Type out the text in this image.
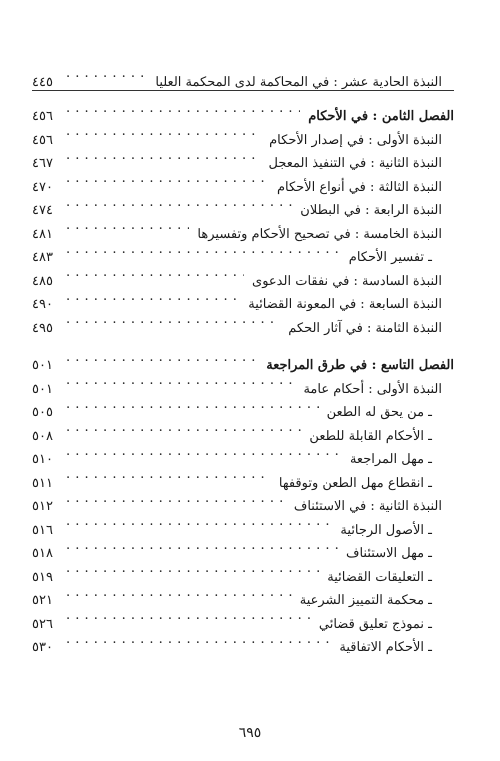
النبذة الحادية عشر : في المحاكمة لدى المحكمة العليا
. . .
٤٤٥
الفصل الثامن : في الأحكام
. . .
٤٥٦
النبذة الأولى : في إصدار الأحكام
. . .
٤٥٦
النبذة الثانية : في التنفيذ المعجل
. . .
٤٦٧
النبذة الثالثة : في أنواع الأحكام
. . .
٤٧٠
النبذة الرابعة : في البطلان
. . .
٤٧٤
النبذة الخامسة : في تصحيح الأحكام وتفسيرها
. . .
٤٨١
ـ تفسير الأحكام
. . .
٤٨٣
النبذة السادسة : في نفقات الدعوى
. . .
٤٨٥
النبذة السابعة : في المعونة القضائية
. . .
٤٩٠
النبذة الثامنة : في آثار الحكم
. . .
٤٩٥
الفصل التاسع : في طرق المراجعة
. . .
٥٠١
النبذة الأولى : أحكام عامة
. . .
٥٠١
ـ من يحق له الطعن
. . .
٥٠٥
ـ الأحكام القابلة للطعن
. . .
٥٠٨
ـ مهل المراجعة
. . .
٥١٠
ـ انقطاع مهل الطعن وتوقفها
. . .
٥١١
النبذة الثانية : في الاستئناف
. . .
٥١٢
ـ الأصول الرجائية
. . .
٥١٦
ـ مهل الاستئناف
. . .
٥١٨
ـ التعليقات القضائية
. . .
٥١٩
ـ محكمة التمييز الشرعية
. . .
٥٢١
ـ نموذج تعليق قضائي
. . .
٥٢٦
ـ الأحكام الاتفاقية
. . .
٥٣٠
٦٩٥
